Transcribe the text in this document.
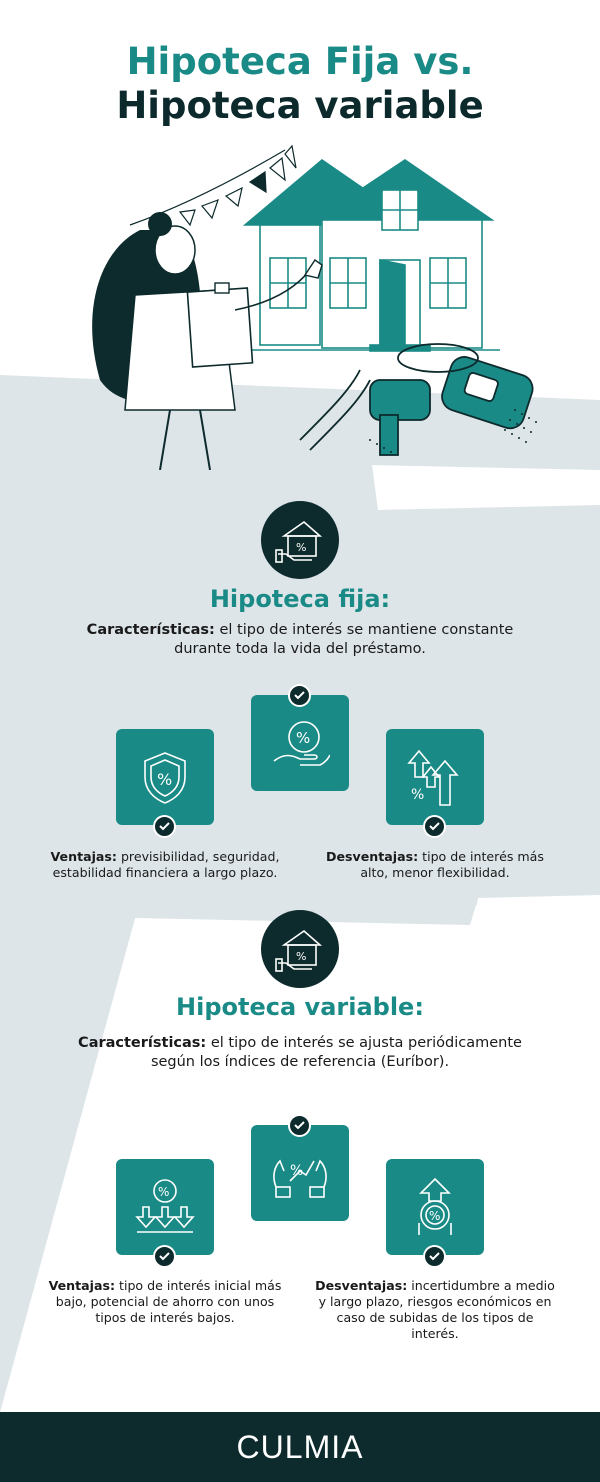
Hipoteca Fija vs.
Hipoteca variable
%
Hipoteca fija:
Características: el tipo de interés se mantiene constante durante toda la vida del préstamo.
%
%
%
Ventajas: previsibilidad, seguridad, estabilidad financiera a largo plazo.
Desventajas: tipo de interés más alto, menor flexibilidad.
%
Hipoteca variable:
Características: el tipo de interés se ajusta periódicamente según los índices de referencia (Euríbor).
%
%
%
Ventajas: tipo de interés inicial más bajo, potencial de ahorro con unos tipos de interés bajos.
Desventajas: incertidumbre a medio y largo plazo, riesgos económicos en caso de subidas de los tipos de interés.
CULMIA
